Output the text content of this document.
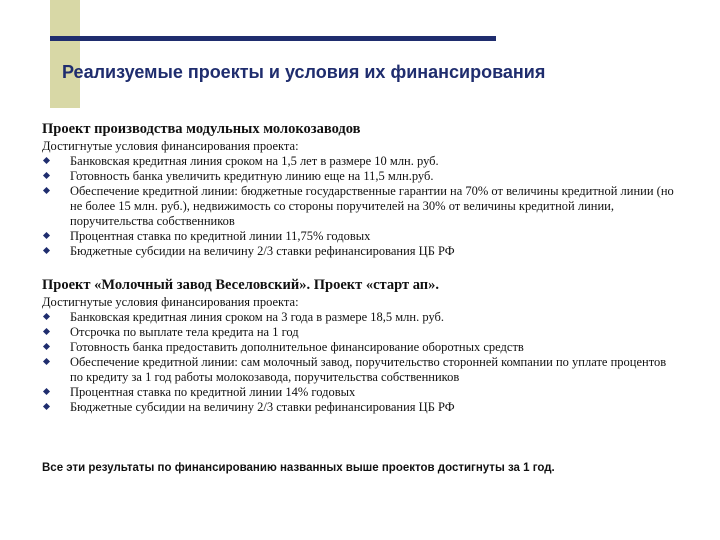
Реализуемые проекты и условия их финансирования

Проект производства модульных молокозаводов

Достигнутые условия финансирования проекта:

Банковская кредитная линия сроком на 1,5 лет в размере 10 млн. руб.
Готовность банка увеличить кредитную линию еще на 11,5 млн.руб.
Обеспечение кредитной линии: бюджетные государственные гарантии на 70% от величины кредитной линии (но не более 15 млн. руб.), недвижимость со стороны поручителей на 30% от величины кредитной линии, поручительства собственников
Процентная ставка по кредитной линии 11,75% годовых
Бюджетные субсидии на величину 2/3 ставки рефинансирования ЦБ РФ

Проект «Молочный завод Веселовский». Проект «старт ап».

Достигнутые условия финансирования проекта:

Банковская кредитная линия сроком на 3 года в размере 18,5 млн. руб.
Отсрочка по выплате тела кредита на 1 год
Готовность банка предоставить дополнительное финансирование оборотных средств
Обеспечение кредитной линии: сам молочный завод, поручительство сторонней компании по уплате процентов по кредиту за 1 год работы молокозавода, поручительства собственников
Процентная ставка по кредитной линии 14% годовых
Бюджетные субсидии на величину 2/3 ставки рефинансирования ЦБ РФ
Все эти результаты по финансированию названных выше проектов достигнуты за 1 год.
